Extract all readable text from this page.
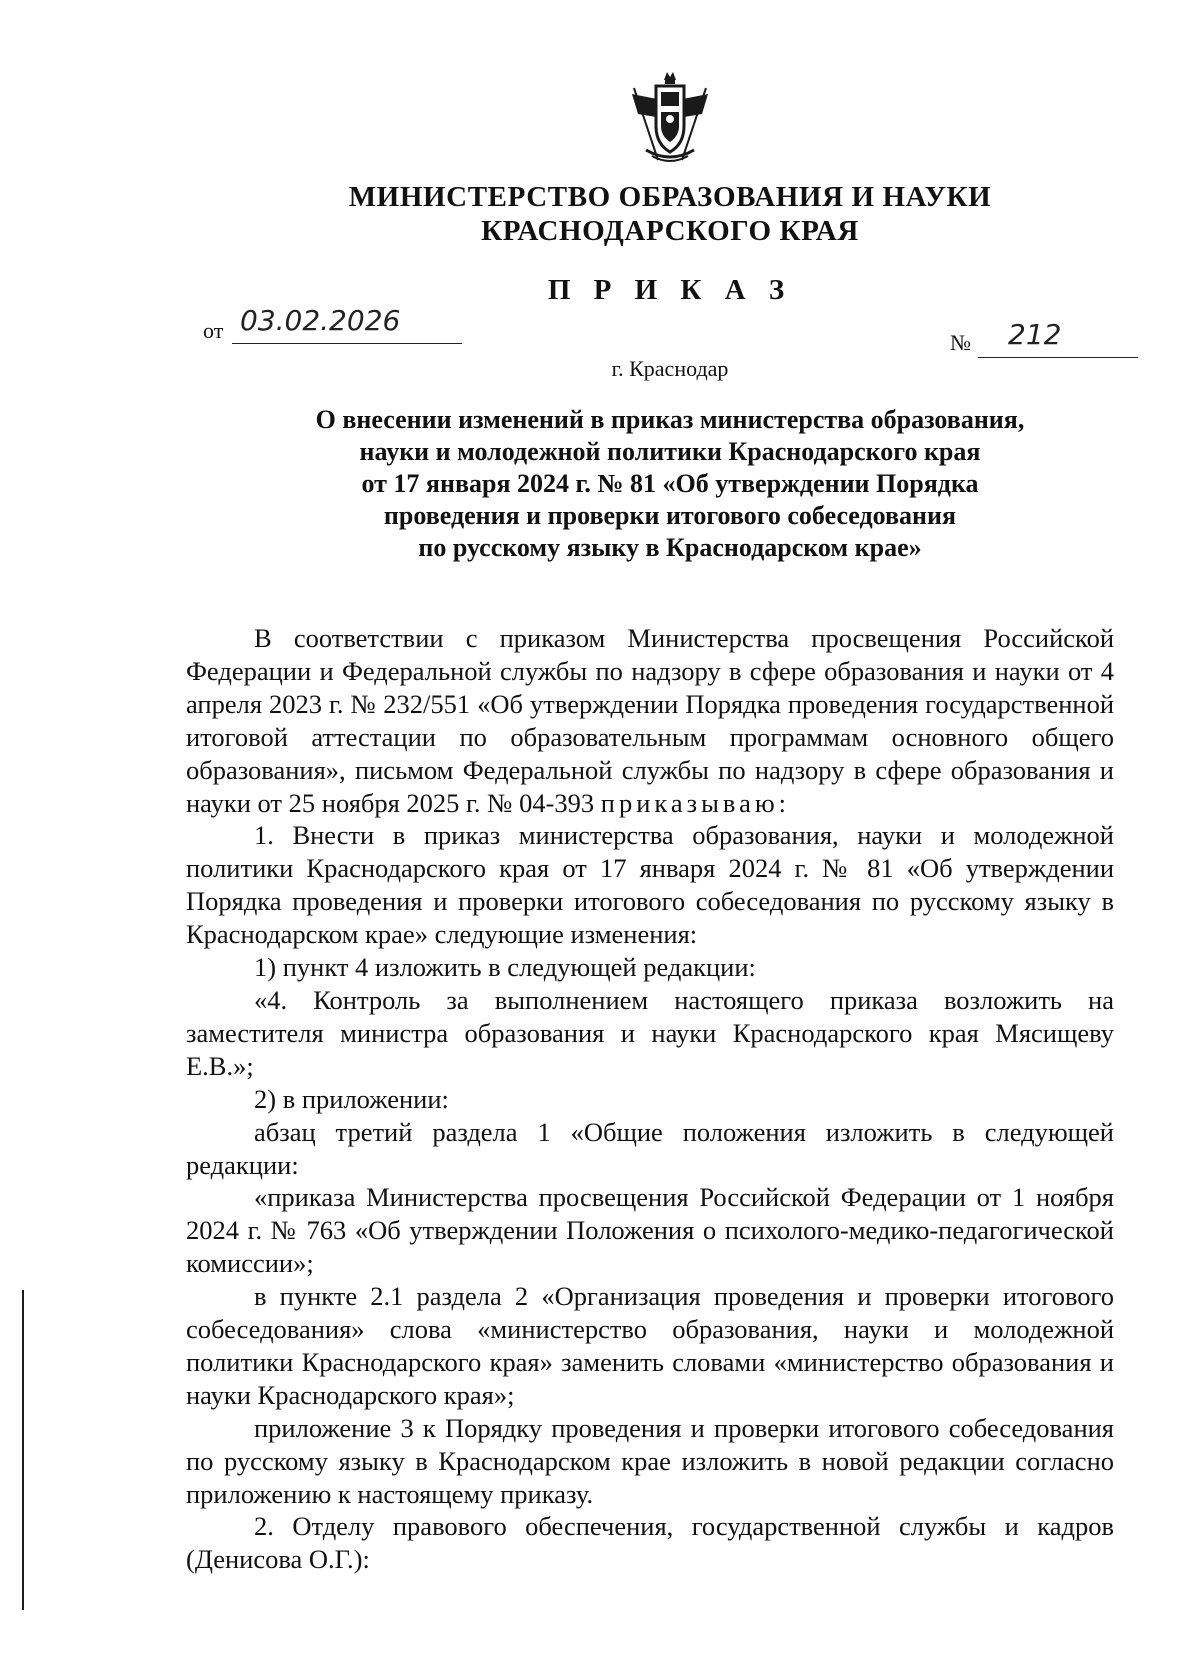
МИНИСТЕРСТВО ОБРАЗОВАНИЯ И НАУКИ
КРАСНОДАРСКОГО КРАЯ
П Р И К А З
от 03.02.2026
№	212
г. Краснодар
О внесении изменений в приказ министерства образования,
науки и молодежной политики Краснодарского края
от 17 января 2024 г. № 81 «Об утверждении Порядка
проведения и проверки итогового собеседования
по русскому языку в Краснодарском крае»

В соответствии с приказом Министерства просвещения Российской Федерации и Федеральной службы по надзору в сфере образования и науки от 4 апреля 2023 г. № 232/551 «Об утверждении Порядка проведения государственной итоговой аттестации по образовательным программам основного общего образования», письмом Федеральной службы по надзору в сфере образования и науки от 25 ноября 2025 г. № 04-393 приказываю:

1. Внести в приказ министерства образования, науки и молодежной политики Краснодарского края от 17 января 2024 г. № 81 «Об утверждении Порядка проведения и проверки итогового собеседования по русскому языку в Краснодарском крае» следующие изменения:

1) пункт 4 изложить в следующей редакции:

«4. Контроль за выполнением настоящего приказа возложить на заместителя министра образования и науки Краснодарского края Мясищеву Е.В.»;

2) в приложении:

абзац третий раздела 1 «Общие положения изложить в следующей редакции:

«приказа Министерства просвещения Российской Федерации от 1 ноября 2024 г. № 763 «Об утверждении Положения о психолого-медико-педагогической комиссии»;

в пункте 2.1 раздела 2 «Организация проведения и проверки итогового собеседования» слова «министерство образования, науки и молодежной политики Краснодарского края» заменить словами «министерство образования и науки Краснодарского края»;

приложение 3 к Порядку проведения и проверки итогового собеседования по русскому языку в Краснодарском крае изложить в новой редакции согласно приложению к настоящему приказу.

2. Отделу правового обеспечения, государственной службы и кадров (Денисова О.Г.):
